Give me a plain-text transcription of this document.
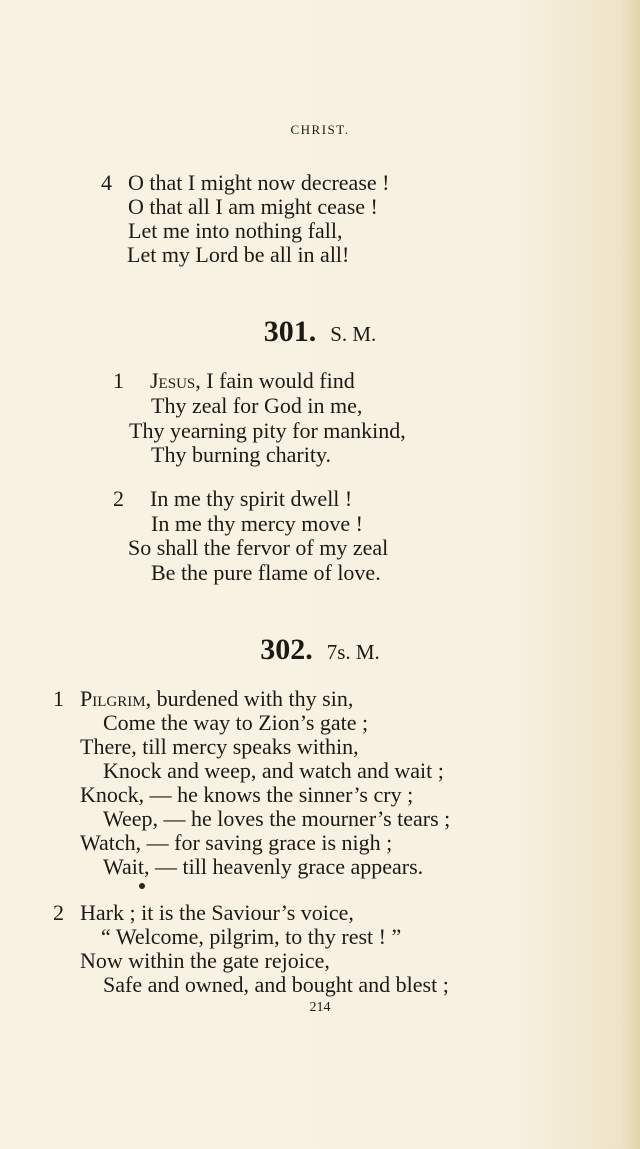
CHRIST.
4 O that I might now decrease !
O that all I am might cease !
Let me into nothing fall,
Let my Lord be all in all!
301. S. M.
1 Jesus, I fain would find
Thy zeal for God in me,
Thy yearning pity for mankind,
Thy burning charity.
2 In me thy spirit dwell !
In me thy mercy move !
So shall the fervor of my zeal
Be the pure flame of love.
302. 7s. M.
1 Pilgrim, burdened with thy sin,
Come the way to Zion’s gate ;
There, till mercy speaks within,
Knock and weep, and watch and wait ;
Knock, — he knows the sinner’s cry ;
Weep, — he loves the mourner’s tears ;
Watch, — for saving grace is nigh ;
Wait, — till heavenly grace appears.
2 Hark ; it is the Saviour’s voice,
“ Welcome, pilgrim, to thy rest ! ”
Now within the gate rejoice,
Safe and owned, and bought and blest ;
214
